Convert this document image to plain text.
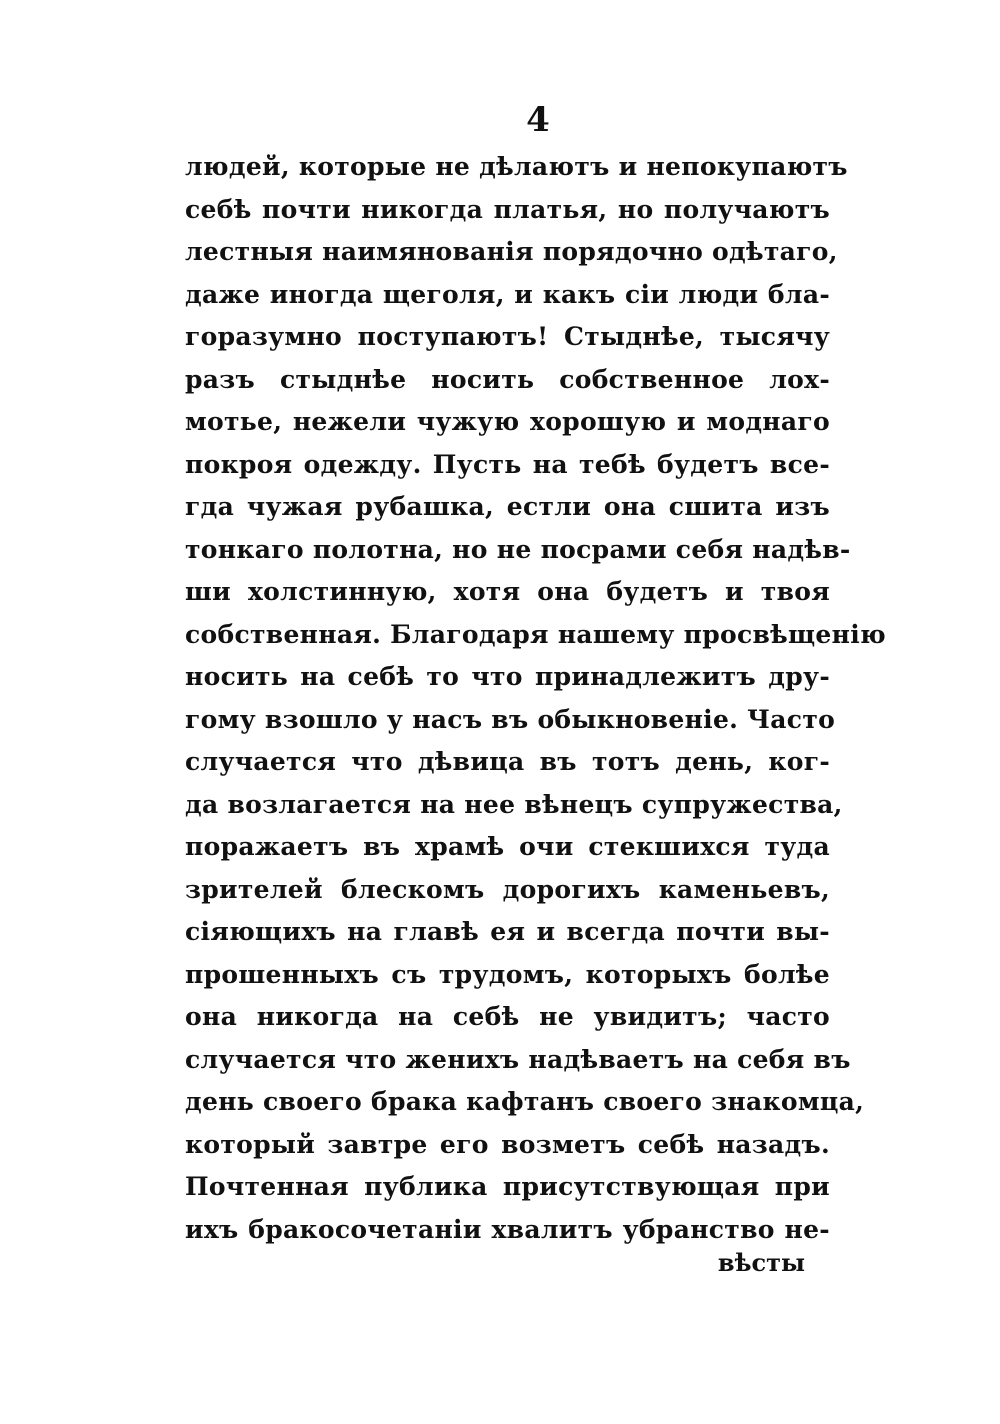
4
людей, которые не дѣлаютъ и непокупаютъ
себѣ почти никогда платья, но получаютъ
лестныя наимянованія порядочно одѣтаго,
даже иногда щеголя, и какъ сіи люди бла-
горазумно поступаютъ! Стыднѣе, тысячу
разъ стыднѣе носить собственное лох-
мотье, нежели чужую хорошую и моднаго
покроя одежду. Пусть на тебѣ будетъ все-
гда чужая рубашка, естли она сшита изъ
тонкаго полотна, но не посрами себя надѣв-
ши холстинную, хотя она будетъ и твоя
собственная. Благодаря нашему просвѣщенію
носить на себѣ то что принадлежитъ дру-
гому взошло у насъ въ обыкновеніе. Часто
случается что дѣвица въ тотъ день, ког-
да возлагается на нее вѣнецъ супружества,
поражаетъ въ храмѣ очи стекшихся туда
зрителей блескомъ дорогихъ каменьевъ,
сіяющихъ на главѣ ея и всегда почти вы-
прошенныхъ съ трудомъ, которыхъ болѣе
она никогда на себѣ не увидитъ; часто
случается что женихъ надѣваетъ на себя въ
день своего брака кафтанъ своего знакомца,
который завтре его возметъ себѣ назадъ.
Почтенная публика присутствующая при
ихъ бракосочетаніи хвалитъ убранство не-
вѣсты
